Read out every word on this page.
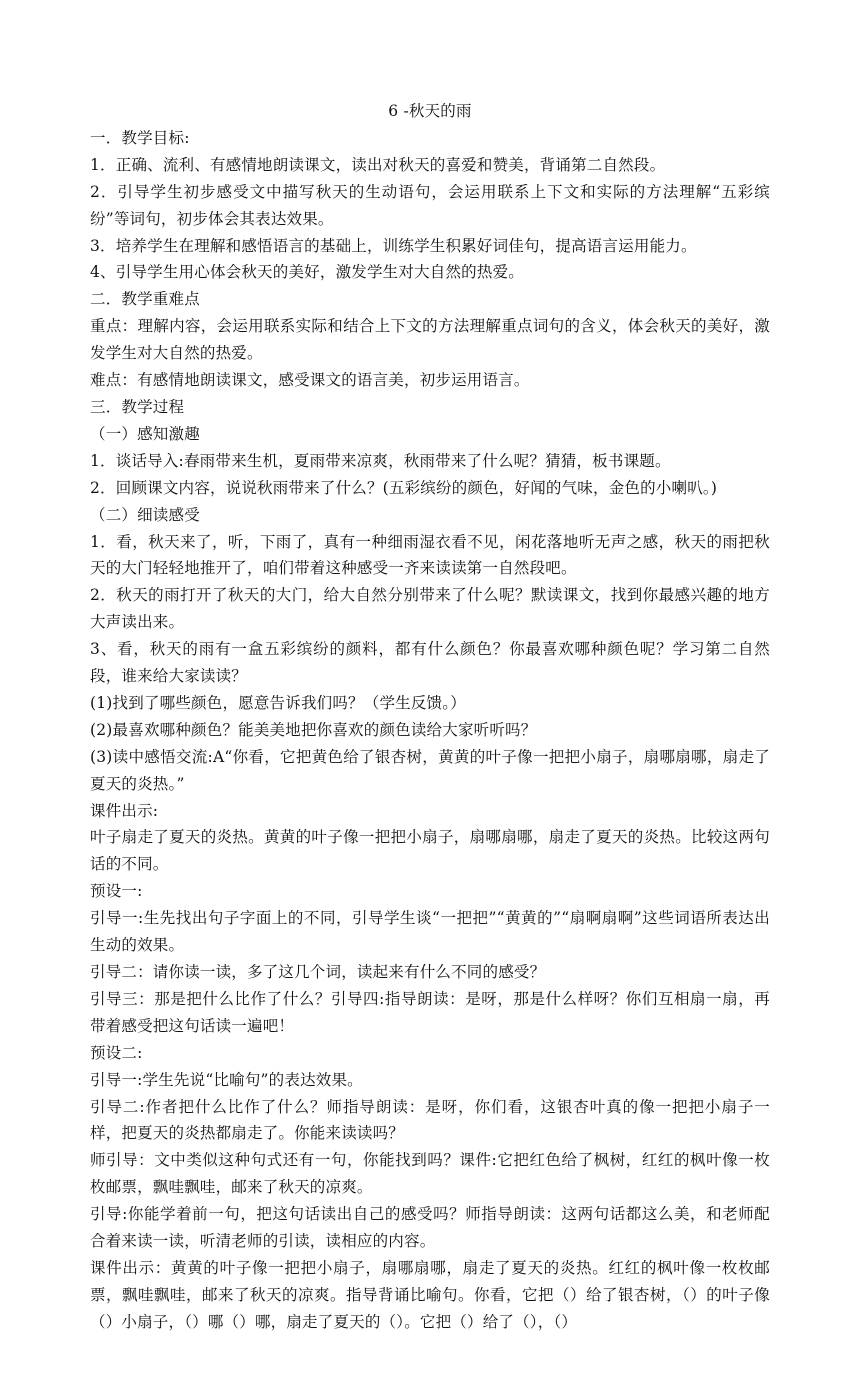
6 -秋天的雨

一．教学目标:

1．正确、流利、有感情地朗读课文，读出对秋天的喜爱和赞美，背诵第二自然段。

2．引导学生初步感受文中描写秋天的生动语句，会运用联系上下文和实际的方法理解“五彩缤纷”等词句，初步体会其表达效果。

3．培养学生在理解和感悟语言的基础上，训练学生积累好词佳句，提高语言运用能力。

4、引导学生用心体会秋天的美好，激发学生对大自然的热爱。

二．教学重难点

重点：理解内容，会运用联系实际和结合上下文的方法理解重点词句的含义，体会秋天的美好，激发学生对大自然的热爱。

难点：有感情地朗读课文，感受课文的语言美，初步运用语言。

三．教学过程

（一）感知激趣

1．谈话导入:春雨带来生机，夏雨带来凉爽，秋雨带来了什么呢？猜猜，板书课题。

2．回顾课文内容，说说秋雨带来了什么？(五彩缤纷的颜色，好闻的气味，金色的小喇叭。)

（二）细读感受

1．看，秋天来了，听，下雨了，真有一种细雨湿衣看不见，闲花落地听无声之感，秋天的雨把秋天的大门轻轻地推开了，咱们带着这种感受一齐来读读第一自然段吧。

2．秋天的雨打开了秋天的大门，给大自然分别带来了什么呢？默读课文，找到你最感兴趣的地方大声读出来。

3、看，秋天的雨有一盒五彩缤纷的颜料，都有什么颜色？你最喜欢哪种颜色呢？学习第二自然段，谁来给大家读读？

(1)找到了哪些颜色，愿意告诉我们吗？（学生反馈。）

(2)最喜欢哪种颜色？能美美地把你喜欢的颜色读给大家听听吗？

(3)读中感悟交流:A“你看，它把黄色给了银杏树，黄黄的叶子像一把把小扇子，扇哪扇哪，扇走了夏天的炎热。”

课件出示:

叶子扇走了夏天的炎热。黄黄的叶子像一把把小扇子，扇哪扇哪，扇走了夏天的炎热。比较这两句话的不同。

预设一:

引导一:生先找出句子字面上的不同，引导学生谈“一把把”“黄黄的”“扇啊扇啊”这些词语所表达出生动的效果。

引导二：请你读一读，多了这几个词，读起来有什么不同的感受？

引导三：那是把什么比作了什么？引导四:指导朗读：是呀，那是什么样呀？你们互相扇一扇，再带着感受把这句话读一遍吧！

预设二:

引导一:学生先说“比喻句”的表达效果。

引导二:作者把什么比作了什么？师指导朗读：是呀，你们看，这银杏叶真的像一把把小扇子一样，把夏天的炎热都扇走了。你能来读读吗？

师引导：文中类似这种句式还有一句，你能找到吗？课件:它把红色给了枫树，红红的枫叶像一枚枚邮票，飘哇飘哇，邮来了秋天的凉爽。

引导:你能学着前一句，把这句话读出自己的感受吗？师指导朗读：这两句话都这么美，和老师配合着来读一读，听清老师的引读，读相应的内容。

课件出示：黄黄的叶子像一把把小扇子，扇哪扇哪，扇走了夏天的炎热。红红的枫叶像一枚枚邮票，飘哇飘哇，邮来了秋天的凉爽。指导背诵比喻句。你看，它把（）给了银杏树，（）的叶子像（）小扇子，（）哪（）哪，扇走了夏天的（）。它把（）给了（），（）
